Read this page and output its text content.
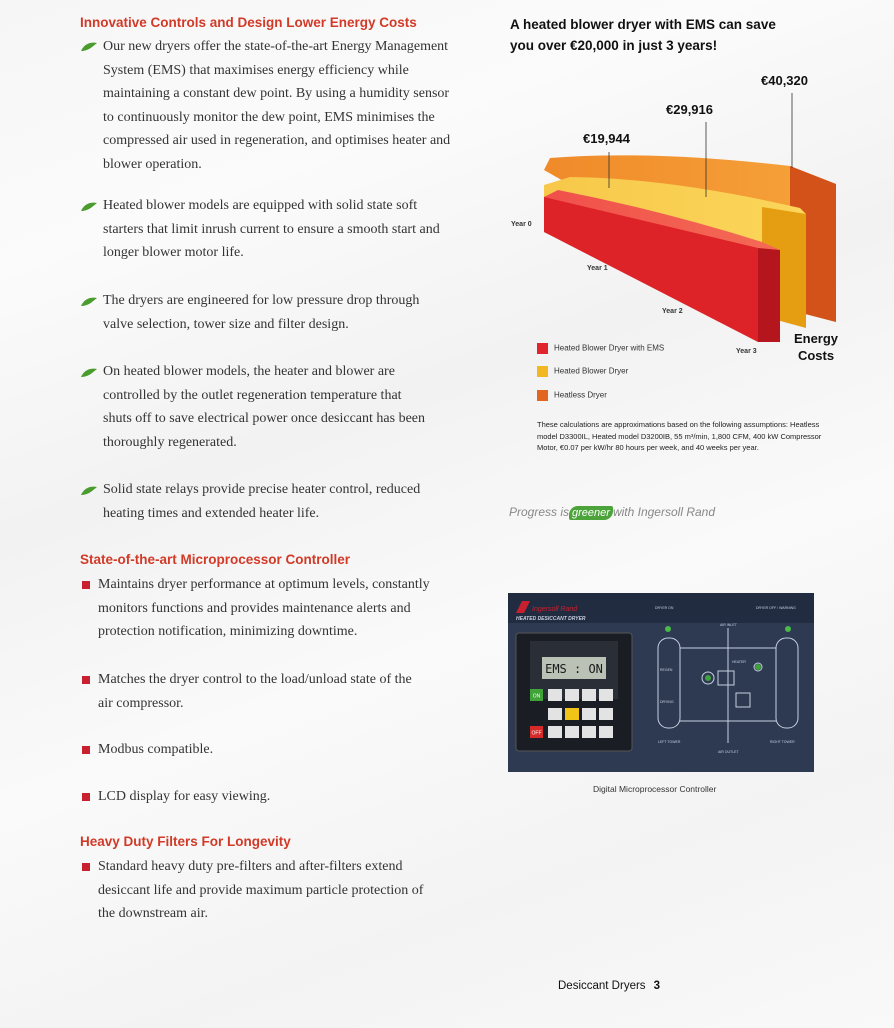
Innovative Controls and Design Lower Energy Costs
Our new dryers offer the state-of-the-art Energy Management
System (EMS) that maximises energy efficiency while
maintaining a constant dew point. By using a humidity sensor
to continuously monitor the dew point, EMS minimises the
compressed air used in regeneration, and optimises heater and
blower operation.
Heated blower models are equipped with solid state soft
starters that limit inrush current to ensure a smooth start and
longer blower motor life.
The dryers are engineered for low pressure drop through
valve selection, tower size and filter design.
On heated blower models, the heater and blower are
controlled by the outlet regeneration temperature that
shuts off to save electrical power once desiccant has been
thoroughly regenerated.
Solid state relays provide precise heater control, reduced
heating times and extended heater life.
State-of-the-art Microprocessor Controller
Maintains dryer performance at optimum levels, constantly
monitors functions and provides maintenance alerts and
protection notification, minimizing downtime.
Matches the dryer control to the load/unload state of the
air compressor.
Modbus compatible.
LCD display for easy viewing.
Heavy Duty Filters For Longevity
Standard heavy duty pre-filters and after-filters extend
desiccant life and provide maximum particle protection of
the downstream air.
A heated blower dryer with EMS can save
you over €20,000 in just 3 years!
€19,944
€29,916
€40,320
Year 0
Year 1
Year 2
Year 3
Energy
Costs
Heated Blower Dryer with EMS
Heated Blower Dryer
Heatless Dryer
These calculations are approximations based on the following assumptions: Heatless model D3300IL, Heated model D3200IB, 55 m³/min, 1,800 CFM, 400 kW Compressor Motor, €0.07 per kW/hr 80 hours per week, and 40 weeks per year.
Progress is greener with Ingersoll Rand
Ingersoll Rand
HEATED DESICCANT DRYER
EMS : ON
ON
OFF
DRYER ON	DRYER OFF / WARNING
LEFT TOWER	RIGHT TOWER
HEATER
AIR INLET
AIR OUTLET
REGEN
DRYING
Digital Microprocessor Controller
Desiccant Dryers 3
